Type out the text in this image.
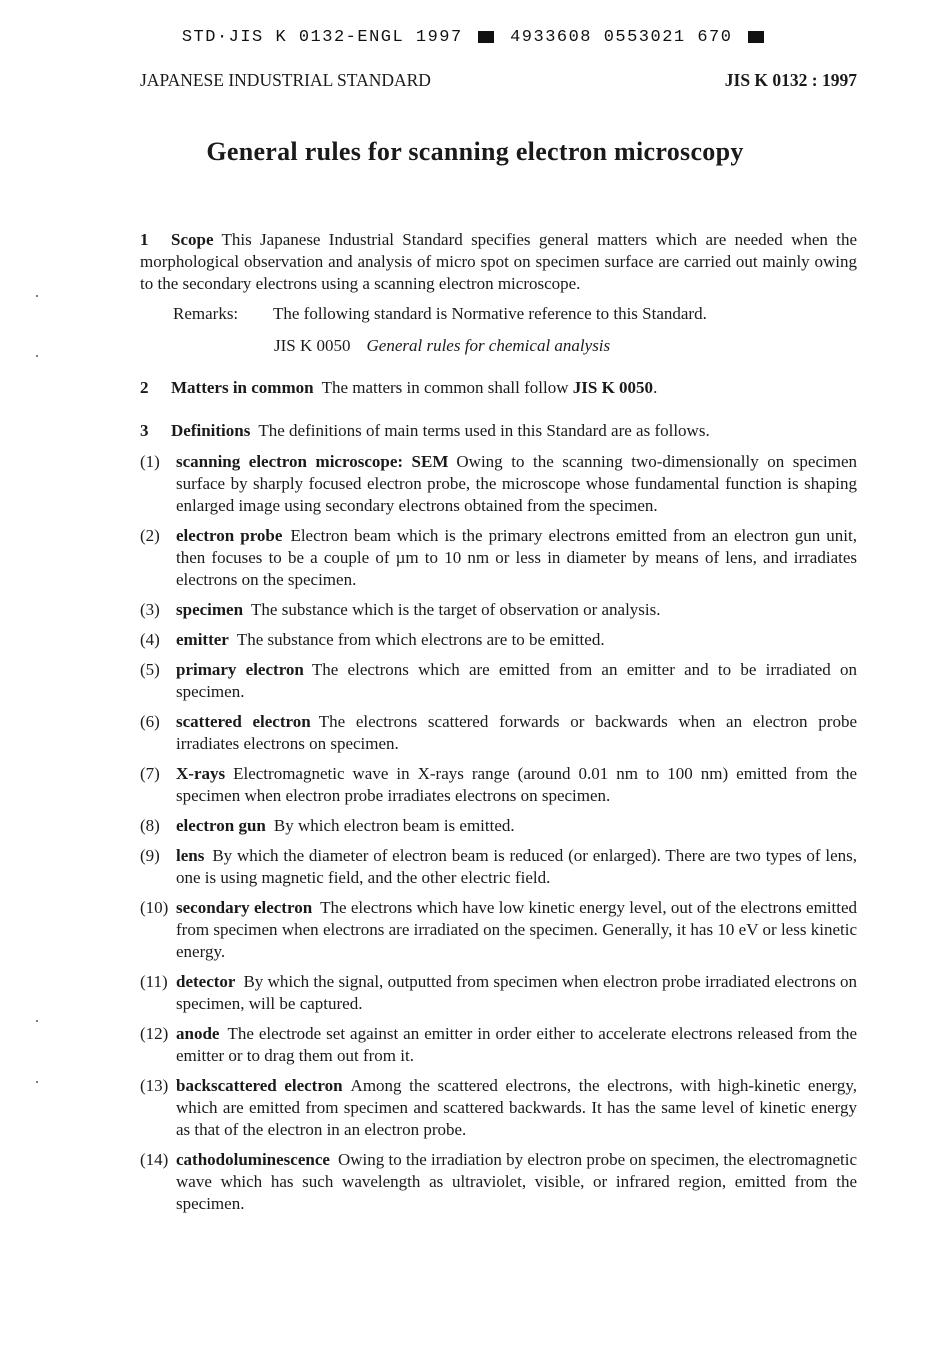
STD·JIS K 0132-ENGL 1997	4933608 0553021 670
JAPANESE INDUSTRIAL STANDARD	JIS K 0132 : 1997
General rules for scanning electron microscopy

1 Scope This Japanese Industrial Standard specifies general matters which are needed when the morphological observation and analysis of micro spot on specimen surface are carried out mainly owing to the secondary electrons using a scanning electron microscope.

Remarks:	The following standard is Normative reference to this Standard.
JIS K 0050 General rules for chemical analysis

2 Matters in common The matters in common shall follow JIS K 0050.

3 Definitions The definitions of main terms used in this Standard are as follows.

(1) scanning electron microscope: SEM Owing to the scanning two-dimensionally on specimen surface by sharply focused electron probe, the microscope whose fundamental function is shaping enlarged image using secondary electrons obtained from the specimen.
(2) electron probe Electron beam which is the primary electrons emitted from an electron gun unit, then focuses to be a couple of µm to 10 nm or less in diameter by means of lens, and irradiates electrons on the specimen.
(3) specimen The substance which is the target of observation or analysis.
(4) emitter The substance from which electrons are to be emitted.
(5) primary electron The electrons which are emitted from an emitter and to be irradiated on specimen.
(6) scattered electron The electrons scattered forwards or backwards when an electron probe irradiates electrons on specimen.
(7) X-rays Electromagnetic wave in X-rays range (around 0.01 nm to 100 nm) emitted from the specimen when electron probe irradiates electrons on specimen.
(8) electron gun By which electron beam is emitted.
(9) lens By which the diameter of electron beam is reduced (or enlarged). There are two types of lens, one is using magnetic field, and the other electric field.
(10) secondary electron The electrons which have low kinetic energy level, out of the electrons emitted from specimen when electrons are irradiated on the specimen. Generally, it has 10 eV or less kinetic energy.
(11) detector By which the signal, outputted from specimen when electron probe irradiated electrons on specimen, will be captured.
(12) anode The electrode set against an emitter in order either to accelerate electrons released from the emitter or to drag them out from it.
(13) backscattered electron Among the scattered electrons, the electrons, with high-kinetic energy, which are emitted from specimen and scattered backwards. It has the same level of kinetic energy as that of the electron in an electron probe.
(14) cathodoluminescence Owing to the irradiation by electron probe on specimen, the electromagnetic wave which has such wavelength as ultraviolet, visible, or infrared region, emitted from the specimen.
